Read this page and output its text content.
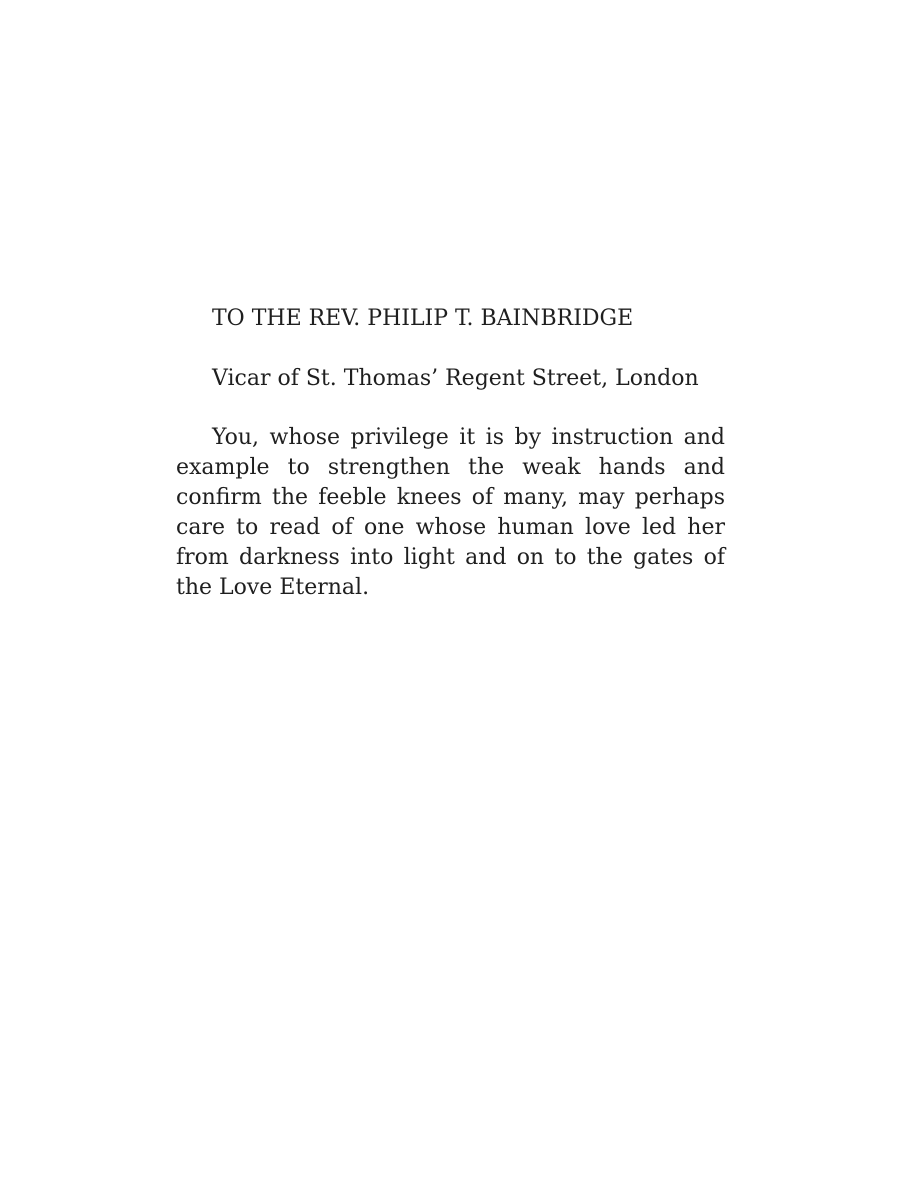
TO THE REV. PHILIP T. BAINBRIDGE

Vicar of St. Thomas’ Regent Street, London

You, whose privilege it is by instruction and example to strengthen the weak hands and confirm the feeble knees of many, may perhaps care to read of one whose human love led her from darkness into light and on to the gates of the Love Eternal.
